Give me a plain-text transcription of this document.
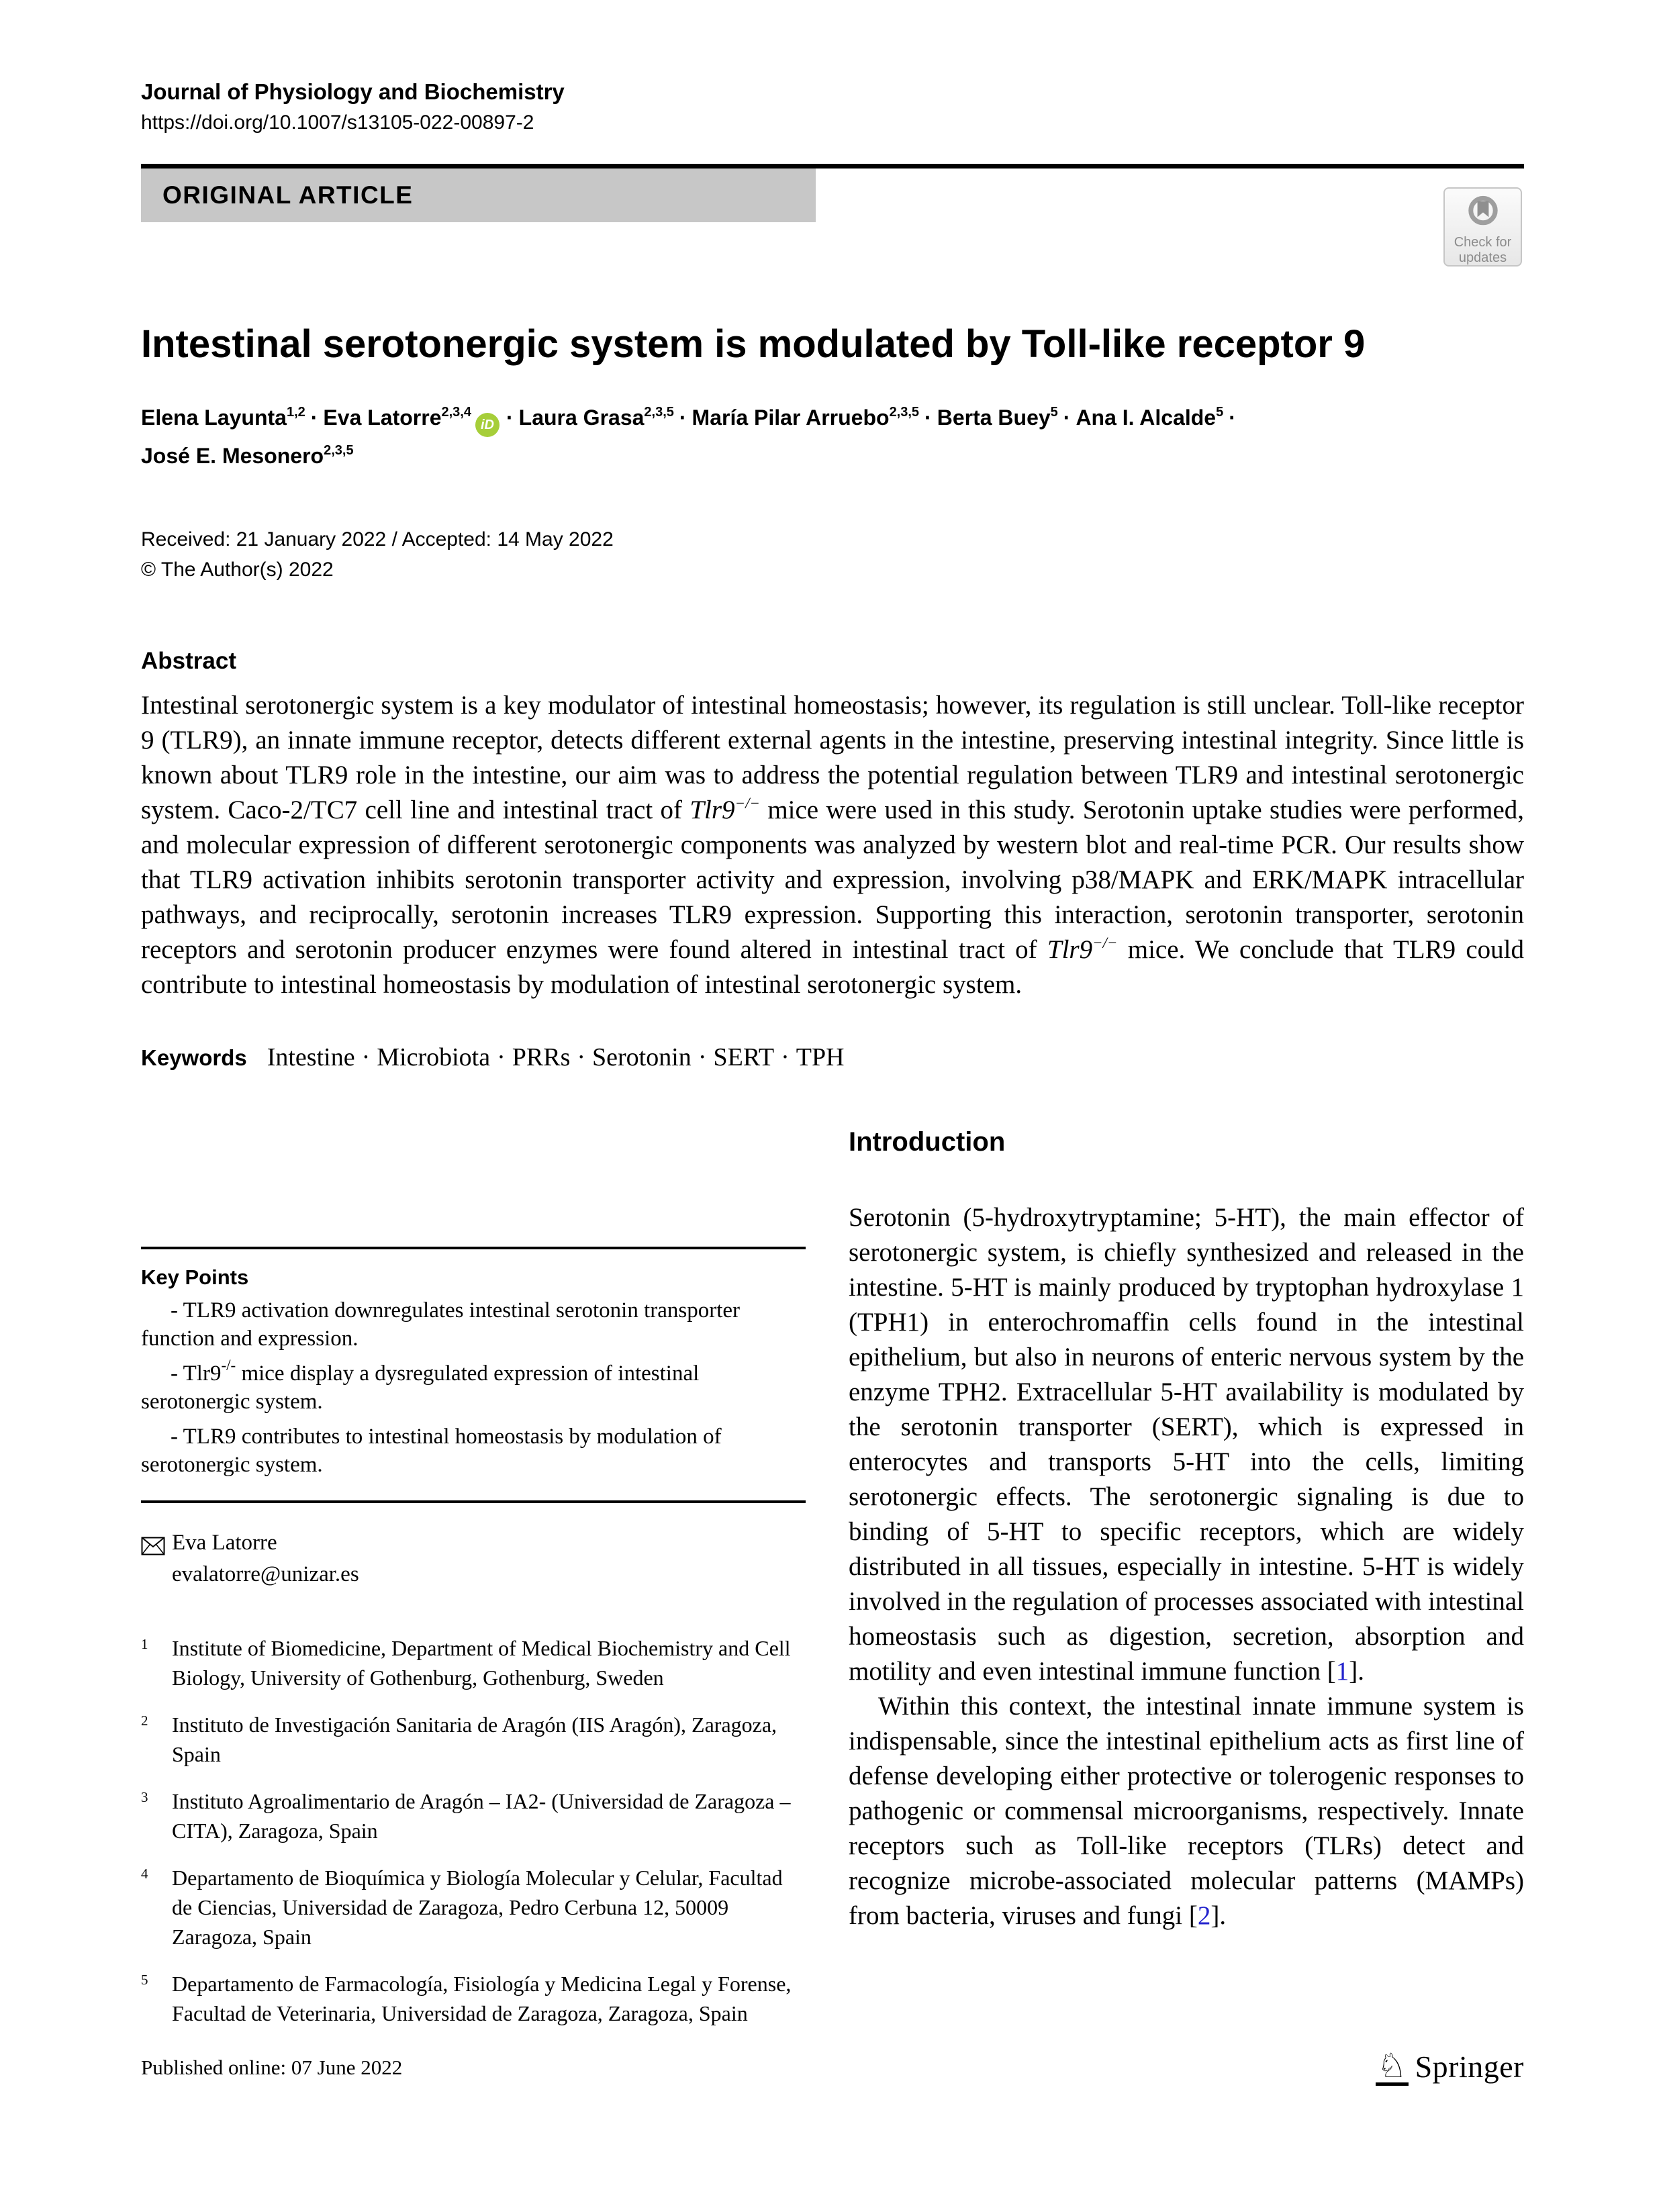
Journal of Physiology and Biochemistry
https://doi.org/10.1007/s13105-022-00897-2
ORIGINAL ARTICLE
Check for
updates
Intestinal serotonergic system is modulated by Toll-like receptor 9
Elena Layunta$^{1,2}$ · Eva Latorre$^{2,3,4}$iD · Laura Grasa$^{2,3,5}$ · María Pilar Arruebo$^{2,3,5}$ · Berta Buey$^5$ · Ana I. Alcalde$^5$ ·
José E. Mesonero$^{2,3,5}$
Received: 21 January 2022 / Accepted: 14 May 2022
© The Author(s) 2022
Abstract
Intestinal serotonergic system is a key modulator of intestinal homeostasis; however, its regulation is still unclear. Toll-like receptor 9 (TLR9), an innate immune receptor, detects different external agents in the intestine, preserving intestinal integrity. Since little is known about TLR9 role in the intestine, our aim was to address the potential regulation between TLR9 and intestinal serotonergic system. Caco-2/TC7 cell line and intestinal tract of Tlr9−/− mice were used in this study. Serotonin uptake studies were performed, and molecular expression of different serotonergic components was analyzed by western blot and real-time PCR. Our results show that TLR9 activation inhibits serotonin transporter activity and expression, involving p38/MAPK and ERK/MAPK intracellular pathways, and reciprocally, serotonin increases TLR9 expression. Supporting this interaction, serotonin transporter, serotonin receptors and serotonin producer enzymes were found altered in intestinal tract of Tlr9−/− mice. We conclude that TLR9 could contribute to intestinal homeostasis by modulation of intestinal serotonergic system.
Keywords Intestine · Microbiota · PRRs · Serotonin · SERT · TPH
Key Points

- TLR9 activation downregulates intestinal serotonin transporter function and expression.

- Tlr9-/- mice display a dysregulated expression of intestinal serotonergic system.

- TLR9 contributes to intestinal homeostasis by modulation of serotonergic system.

Eva Latorre
evalatorre@unizar.es
1	Institute of Biomedicine, Department of Medical Biochemistry and Cell Biology, University of Gothenburg, Gothenburg, Sweden
2	Instituto de Investigación Sanitaria de Aragón (IIS Aragón), Zaragoza, Spain
3	Instituto Agroalimentario de Aragón – IA2- (Universidad de Zaragoza – CITA), Zaragoza, Spain
4	Departamento de Bioquímica y Biología Molecular y Celular, Facultad de Ciencias, Universidad de Zaragoza, Pedro Cerbuna 12, 50009 Zaragoza, Spain
5	Departamento de Farmacología, Fisiología y Medicina Legal y Forense, Facultad de Veterinaria, Universidad de Zaragoza, Zaragoza, Spain
Introduction

Serotonin (5-hydroxytryptamine; 5-HT), the main effector of serotonergic system, is chiefly synthesized and released in the intestine. 5-HT is mainly produced by tryptophan hydroxylase 1 (TPH1) in enterochromaffin cells found in the intestinal epithelium, but also in neurons of enteric nervous system by the enzyme TPH2. Extracellular 5-HT availability is modulated by the serotonin transporter (SERT), which is expressed in enterocytes and transports 5-HT into the cells, limiting serotonergic effects. The serotonergic signaling is due to binding of 5-HT to specific receptors, which are widely distributed in all tissues, especially in intestine. 5-HT is widely involved in the regulation of processes associated with intestinal homeostasis such as digestion, secretion, absorption and motility and even intestinal immune function [1].

Within this context, the intestinal innate immune system is indispensable, since the intestinal epithelium acts as first line of defense developing either protective or tolerogenic responses to pathogenic or commensal microorganisms, respectively. Innate receptors such as Toll-like receptors (TLRs) detect and recognize microbe-associated molecular patterns (MAMPs) from bacteria, viruses and fungi [2].

Published online: 07 June 2022	♘ Springer
